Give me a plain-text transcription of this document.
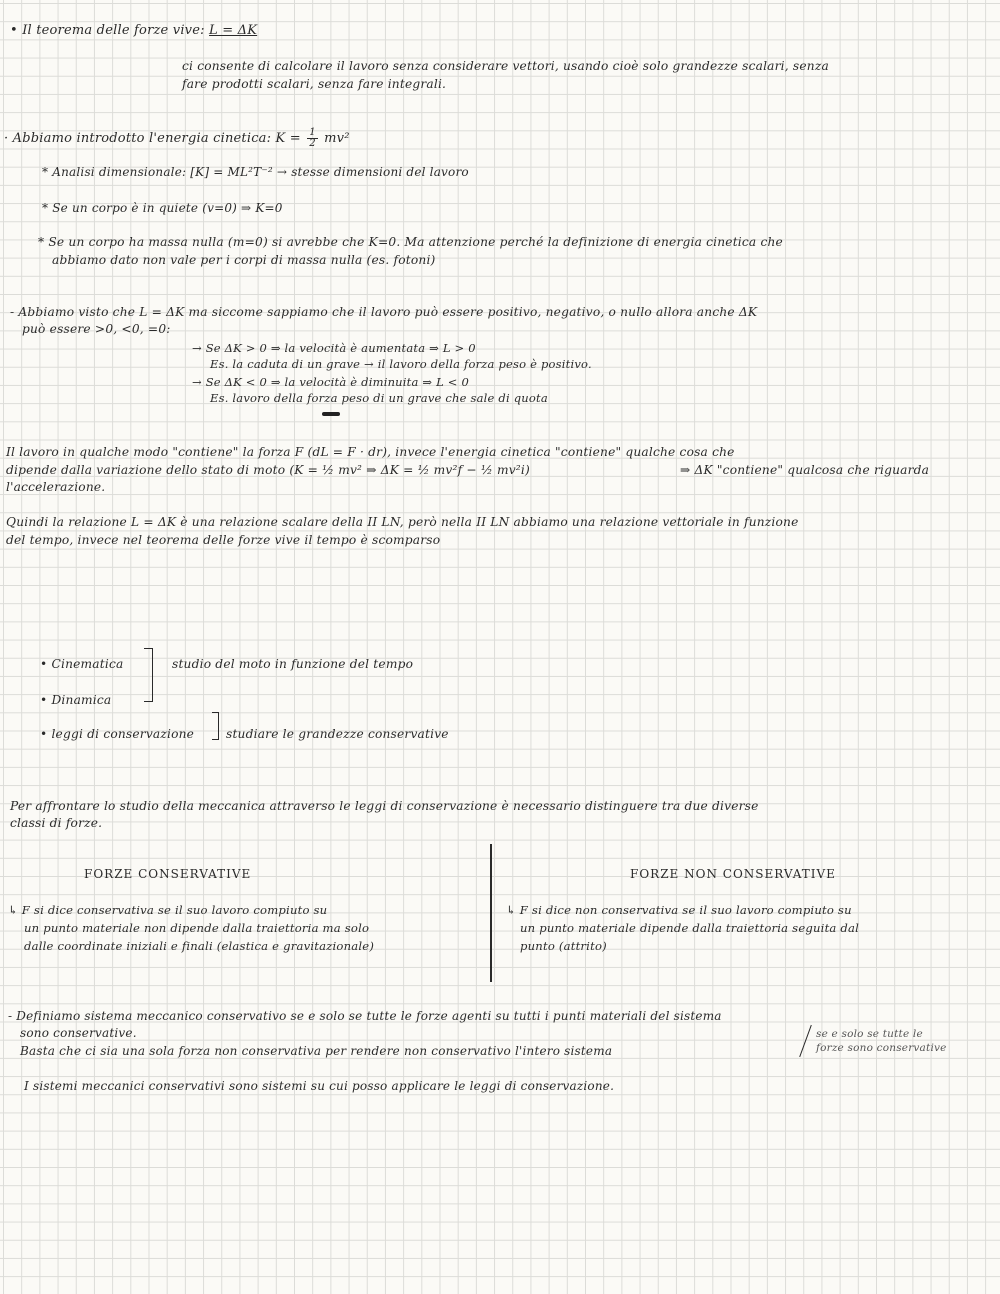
• Il teorema delle forze vive: L = ΔK
ci consente di calcolare il lavoro senza considerare vettori, usando cioè solo grandezze scalari, senza
fare prodotti scalari, senza fare integrali.
· Abbiamo introdotto l'energia cinetica: $K = \frac{1}{2} mv^2$
* Analisi dimensionale: [K] = ML²T⁻² → stesse dimensioni del lavoro
* Se un corpo è in quiete (v=0) ⇒ K=0
* Se un corpo ha massa nulla (m=0) si avrebbe che K=0. Ma attenzione perché la definizione di energia cinetica che
abbiamo dato non vale per i corpi di massa nulla (es. fotoni)
- Abbiamo visto che L = ΔK ma siccome sappiamo che il lavoro può essere positivo, negativo, o nullo allora anche ΔK
può essere >0, <0, =0:
→ Se ΔK > 0 ⇒ la velocità è aumentata ⇒ L > 0
Es. la caduta di un grave → il lavoro della forza peso è positivo.
→ Se ΔK < 0 ⇒ la velocità è diminuita ⇒ L < 0
Es. lavoro della forza peso di un grave che sale di quota
Il lavoro in qualche modo "contiene" la forza F (dL = F · dr), invece l'energia cinetica "contiene" qualche cosa che
dipende dalla variazione dello stato di moto (K = ½ mv² ⇒ ΔK = ½ mv²f − ½ mv²i)	⇒ ΔK "contiene" qualcosa che riguarda
l'accelerazione.
Quindi la relazione L = ΔK è una relazione scalare della II LN, però nella II LN abbiamo una relazione vettoriale in funzione
del tempo, invece nel teorema delle forze vive il tempo è scomparso
• Cinematica
• Dinamica
studio del moto in funzione del tempo
• leggi di conservazione	studiare le grandezze conservative
Per affrontare lo studio della meccanica attraverso le leggi di conservazione è necessario distinguere tra due diverse
classi di forze.
FORZE CONSERVATIVE
↳ F si dice conservativa se il suo lavoro compiuto su
un punto materiale non dipende dalla traiettoria ma solo
dalle coordinate iniziali e finali (elastica e gravitazionale)
FORZE NON CONSERVATIVE
↳ F si dice non conservativa se il suo lavoro compiuto su
un punto materiale dipende dalla traiettoria seguita dal
punto (attrito)
- Definiamo sistema meccanico conservativo se e solo se tutte le forze agenti su tutti i punti materiali del sistema
sono conservative.
Basta che ci sia una sola forza non conservativa per rendere non conservativo l'intero sistema
se e solo se tutte le
forze sono conservative
I sistemi meccanici conservativi sono sistemi su cui posso applicare le leggi di conservazione.
